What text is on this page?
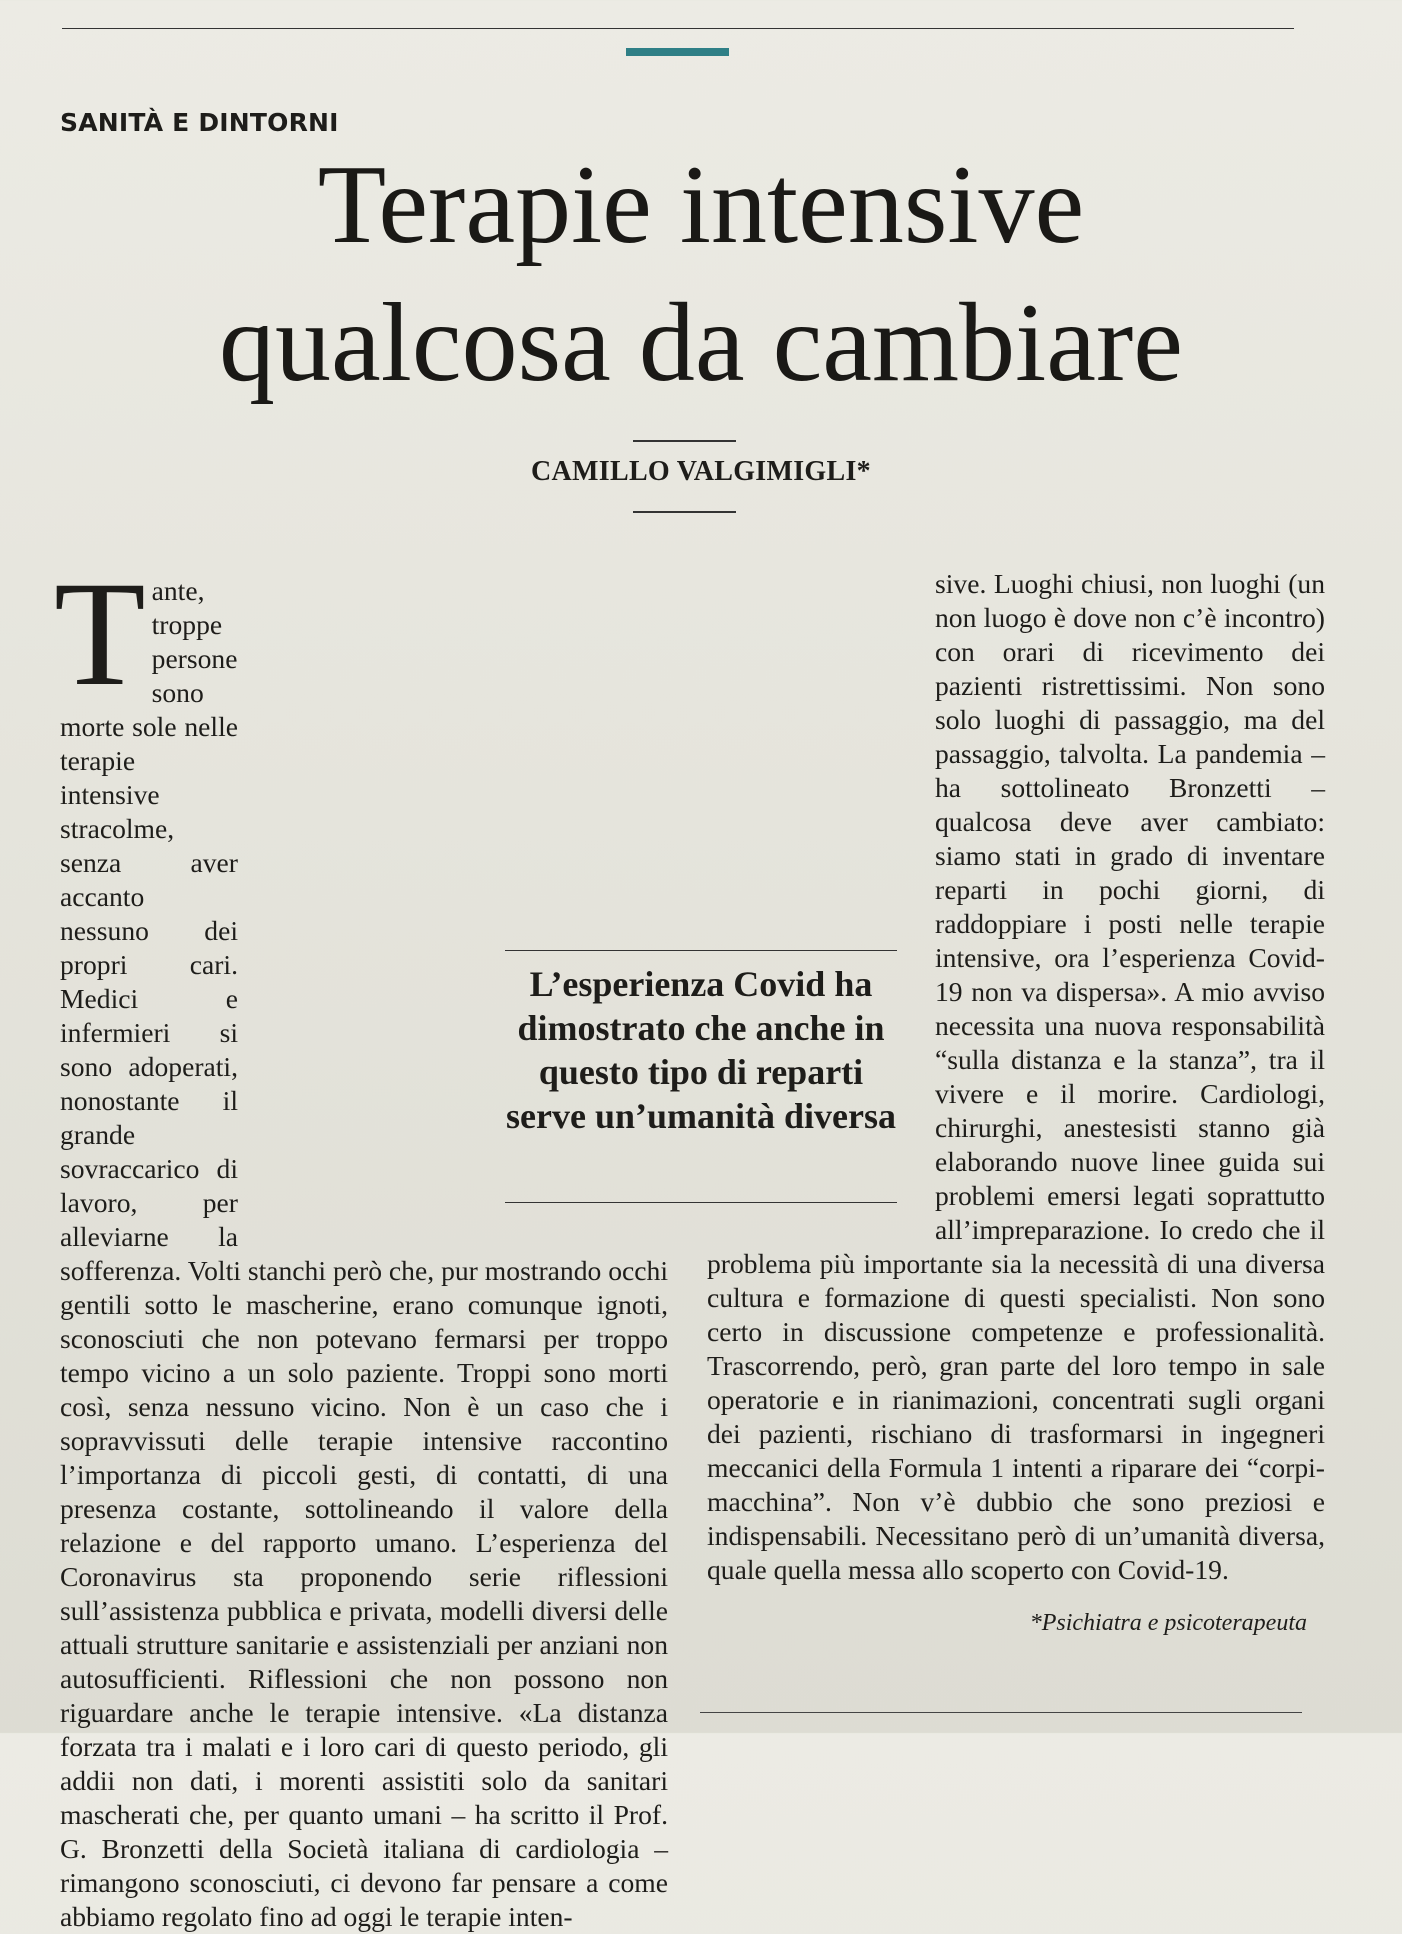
SANITÀ E DINTORNI
Terapie intensive
qualcosa da cambiare
CAMILLO VALGIMIGLI*
T ante, troppe persone sono morte sole nelle terapie intensive stracolme, senza aver accanto nessuno dei propri cari. Medici e infermieri si sono adoperati, nonostante il grande sovraccarico di lavoro, per alleviarne la sofferenza. Volti stanchi però che, pur mostrando occhi gentili sotto le mascherine, erano comunque ignoti, sconosciuti che non potevano fermarsi per troppo tempo vicino a un solo paziente. Troppi sono morti così, senza nessuno vicino. Non è un caso che i sopravvissuti delle terapie intensive raccontino l’importanza di piccoli gesti, di contatti, di una presenza costante, sottolineando il valore della relazione e del rapporto umano. L’esperienza del Coronavirus sta proponendo serie riflessioni sull’assistenza pubblica e privata, modelli diversi delle attuali strutture sanitarie e assistenziali per anziani non autosufficienti. Riflessioni che non possono non riguardare anche le terapie intensive. «La distanza forzata tra i malati e i loro cari di questo periodo, gli addii non dati, i morenti assistiti solo da sanitari mascherati che, per quanto umani – ha scritto il Prof. G. Bronzetti della Società italiana di cardiologia – rimangono sconosciuti, ci devono far pensare a come abbiamo regolato fino ad oggi le terapie inten-
sive. Luoghi chiusi, non luoghi (un non luogo è dove non c’è incontro) con orari di ricevimento dei pazienti ristrettissimi. Non sono solo luoghi di passaggio, ma del passaggio, talvolta. La pandemia – ha sottolineato Bronzetti – qualcosa deve aver cambiato: siamo stati in grado di inventare reparti in pochi giorni, di raddoppiare i posti nelle terapie intensive, ora l’esperienza Covid-19 non va dispersa». A mio avviso necessita una nuova responsabilità “sulla distanza e la stanza”, tra il vivere e il morire. Cardiologi, chirurghi, anestesisti stanno già elaborando nuove linee guida sui problemi emersi legati soprattutto all’impreparazione. Io credo che il problema più importante sia la necessità di una diversa cultura e formazione di questi specialisti. Non sono certo in discussione competenze e professionalità. Trascorrendo, però, gran parte del loro tempo in sale operatorie e in rianimazioni, concentrati sugli organi dei pazienti, rischiano di trasformarsi in ingegneri meccanici della Formula 1 intenti a riparare dei “corpi-macchina”. Non v’è dubbio che sono preziosi e indispensabili. Necessitano però di un’umanità diversa, quale quella messa allo scoperto con Covid-19.
L’esperienza Covid ha dimostrato che anche in questo tipo di reparti serve un’umanità diversa
*Psichiatra e psicoterapeuta
